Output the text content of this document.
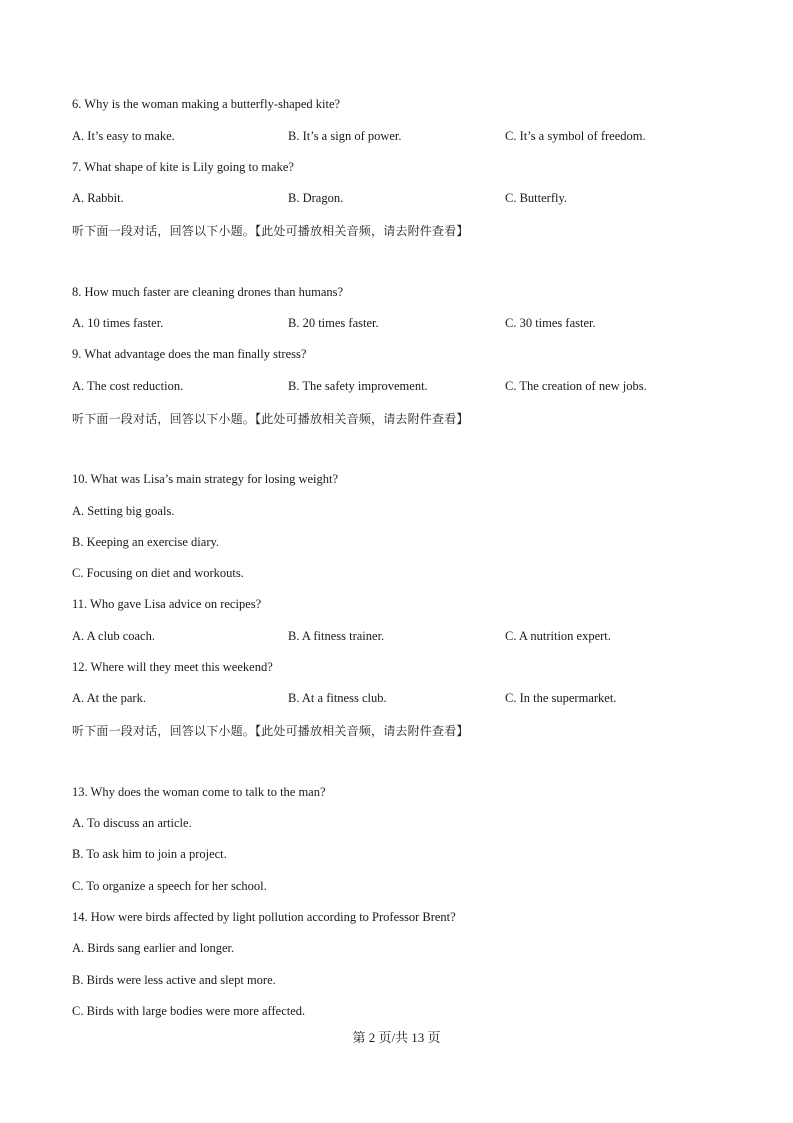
6. Why is the woman making a butterfly-shaped kite?
A. It’s easy to make.	B. It’s a sign of power.	C. It’s a symbol of freedom.
7. What shape of kite is Lily going to make?
A. Rabbit.	B. Dragon.	C. Butterfly.
听下面一段对话，回答以下小题。【此处可播放相关音频，请去附件查看】
8. How much faster are cleaning drones than humans?
A. 10 times faster.	B. 20 times faster.	C. 30 times faster.
9. What advantage does the man finally stress?
A. The cost reduction.	B. The safety improvement.	C. The creation of new jobs.
听下面一段对话，回答以下小题。【此处可播放相关音频，请去附件查看】
10. What was Lisa’s main strategy for losing weight?
A. Setting big goals.
B. Keeping an exercise diary.
C. Focusing on diet and workouts.
11. Who gave Lisa advice on recipes?
A. A club coach.	B. A fitness trainer.	C. A nutrition expert.
12. Where will they meet this weekend?
A. At the park.	B. At a fitness club.	C. In the supermarket.
听下面一段对话，回答以下小题。【此处可播放相关音频，请去附件查看】
13. Why does the woman come to talk to the man?
A. To discuss an article.
B. To ask him to join a project.
C. To organize a speech for her school.
14. How were birds affected by light pollution according to Professor Brent?
A. Birds sang earlier and longer.
B. Birds were less active and slept more.
C. Birds with large bodies were more affected.
第 2 页/共 13 页
